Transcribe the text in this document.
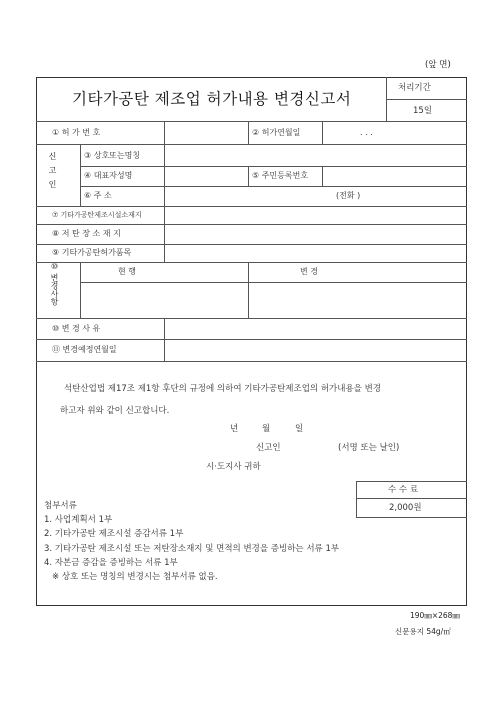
(앞 면)
기타가공탄 제조업 허가내용 변경신고서
처리기간
15일
① 허 가 번 호	② 허가연월일	. . .
신고인	③ 상호또는명칭
④ 대표자성명	⑤ 주민등록번호
⑥ 주 소	(전화 )
⑦ 기타가공탄제조시설소재지
⑧ 저 탄 장 소 재 지
⑨ 기타가공탄허가품목
⑩ 변경사항	현 행	변 경
⑩ 변 경 사 유
⑪ 변경예정연월일
석탄산업법 제17조 제1항 후단의 규정에 의하여 기타가공탄제조업의 허가내용을 변경
하고자 위와 같이 신고합니다.
년	월	일
신고인	(서명 또는 날인)
시·도지사 귀하
수 수 료
2,000원
첨부서류
1. 사업계획서 1부
2. 기타가공탄 제조시설 증감서류 1부
3. 기타가공탄 제조시설 또는 저탄장소재지 및 면적의 변경을 증빙하는 서류 1부
4. 자본금 증감을 증빙하는 서류 1부
※ 상호 또는 명칭의 변경시는 첨부서류 없음.
190㎜×268㎜
신문용지 54g/㎡
